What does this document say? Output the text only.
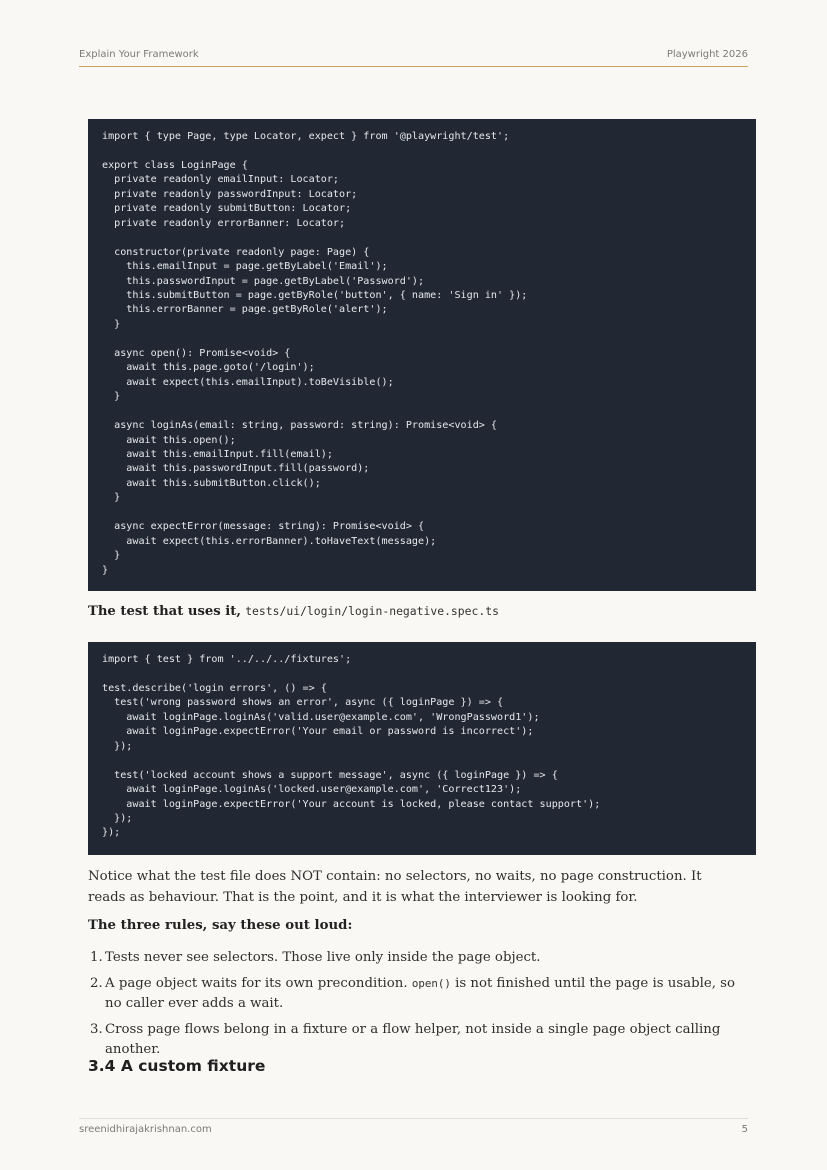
Explain Your Framework	Playwright 2026
import { type Page, type Locator, expect } from '@playwright/test';

export class LoginPage {
private readonly emailInput: Locator;
private readonly passwordInput: Locator;
private readonly submitButton: Locator;
private readonly errorBanner: Locator;

constructor(private readonly page: Page) {
this.emailInput = page.getByLabel('Email');
this.passwordInput = page.getByLabel('Password');
this.submitButton = page.getByRole('button', { name: 'Sign in' });
this.errorBanner = page.getByRole('alert');
}

async open(): Promise<void> {
await this.page.goto('/login');
await expect(this.emailInput).toBeVisible();
}

async loginAs(email: string, password: string): Promise<void> {
await this.open();
await this.emailInput.fill(email);
await this.passwordInput.fill(password);
await this.submitButton.click();
}

async expectError(message: string): Promise<void> {
await expect(this.errorBanner).toHaveText(message);
}
}
The test that uses it, tests/ui/login/login-negative.spec.ts
import { test } from '../../../fixtures';

test.describe('login errors', () => {
test('wrong password shows an error', async ({ loginPage }) => {
await loginPage.loginAs('valid.user@example.com', 'WrongPassword1');
await loginPage.expectError('Your email or password is incorrect');
});

test('locked account shows a support message', async ({ loginPage }) => {
await loginPage.loginAs('locked.user@example.com', 'Correct123');
await loginPage.expectError('Your account is locked, please contact support');
});
});
Notice what the test file does NOT contain: no selectors, no waits, no page construction. It reads as behaviour. That is the point, and it is what the interviewer is looking for.
The three rules, say these out loud:
1. Tests never see selectors. Those live only inside the page object.
2. A page object waits for its own precondition. open() is not finished until the page is usable, so no caller ever adds a wait.
3. Cross page flows belong in a fixture or a flow helper, not inside a single page object calling another.
3.4 A custom fixture
sreenidhirajakrishnan.com	5
